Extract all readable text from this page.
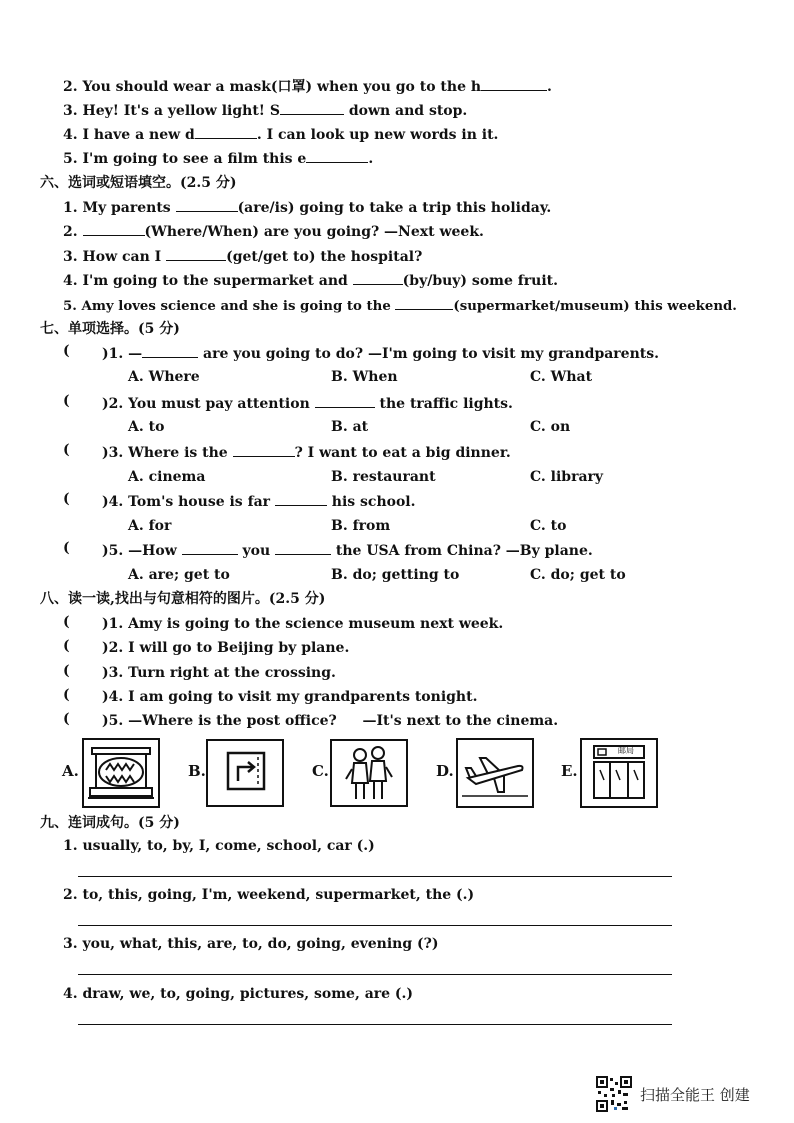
2. You should wear a mask(口罩) when you go to the h	.
3. Hey! It's a yellow light! S	down and stop.
4. I have a new d	. I can look up new words in it.
5. I'm going to see a film this e	.
六、选词或短语填空。(2.5 分)
1. My parents	(are/is) going to take a trip this holiday.
2.	(Where/When) are you going? —Next week.
3. How can I	(get/get to) the hospital?
4. I'm going to the supermarket and	(by/buy) some fruit.
5. Amy loves science and she is going to the	(supermarket/museum) this weekend.
七、单项选择。(5 分)
( )1. —	are you going to do? —I'm going to visit my grandparents.
A. Where	B. When	C. What
( )2. You must pay attention	the traffic lights.
A. to	B. at	C. on
( )3. Where is the	? I want to eat a big dinner.
A. cinema	B. restaurant	C. library
( )4. Tom's house is far	his school.
A. for	B. from	C. to
( )5. —How	you	the USA from China? —By plane.
A. are; get to	B. do; getting to	C. do; get to
八、读一读,找出与句意相符的图片。(2.5 分)
( )1. Amy is going to the science museum next week.
( )2. I will go to Beijing by plane.
( )3. Turn right at the crossing.
( )4. I am going to visit my grandparents tonight.
( )5. —Where is the post office? —It's next to the cinema.
A.	B.	C.	D.	E.
邮局
九、连词成句。(5 分)
1. usually, to, by, I, come, school, car (.)
2. to, this, going, I'm, weekend, supermarket, the (.)
3. you, what, this, are, to, do, going, evening (?)
4. draw, we, to, going, pictures, some, are (.)
扫描全能王 创建
